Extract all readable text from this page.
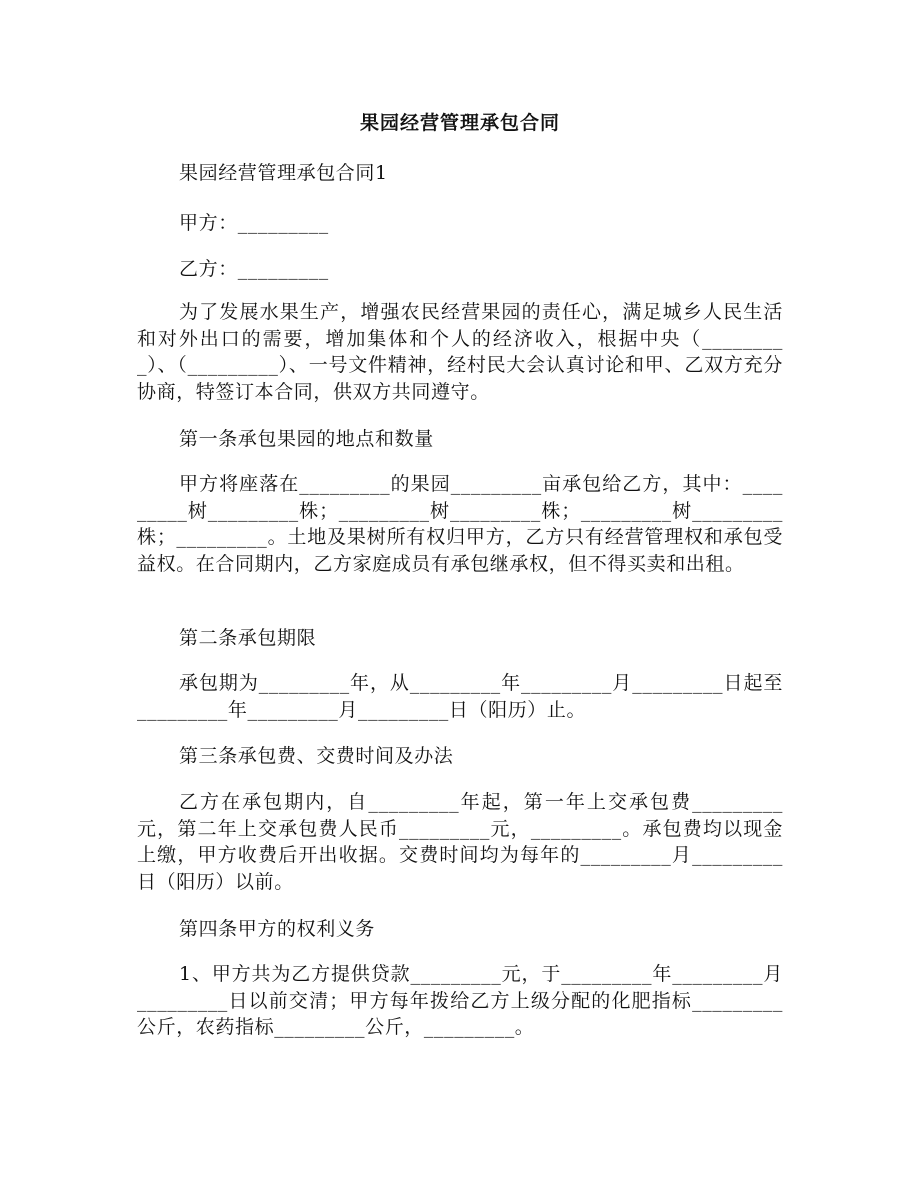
果园经营管理承包合同
果园经营管理承包合同1
甲方：_________
乙方：_________
为了发展水果生产，增强农民经营果园的责任心，满足城乡人民生活和对外出口的需要，增加集体和个人的经济收入，根据中央（_________）、（_________）、一号文件精神，经村民大会认真讨论和甲、乙双方充分协商，特签订本合同，供双方共同遵守。
第一条承包果园的地点和数量
甲方将座落在_________的果园_________亩承包给乙方，其中：_________树_________株；_________树_________株；_________树_________株；_________。土地及果树所有权归甲方，乙方只有经营管理权和承包受益权。在合同期内，乙方家庭成员有承包继承权，但不得买卖和出租。
第二条承包期限
承包期为_________年，从_________年_________月_________日起至_________年_________月_________日（阳历）止。
第三条承包费、交费时间及办法
乙方在承包期内，自_________年起，第一年上交承包费_________元，第二年上交承包费人民币_________元，_________。承包费均以现金上缴，甲方收费后开出收据。交费时间均为每年的_________月_________日（阳历）以前。
第四条甲方的权利义务
1、甲方共为乙方提供贷款_________元，于_________年_________月_________日以前交清；甲方每年拨给乙方上级分配的化肥指标_________公斤，农药指标_________公斤，_________。
